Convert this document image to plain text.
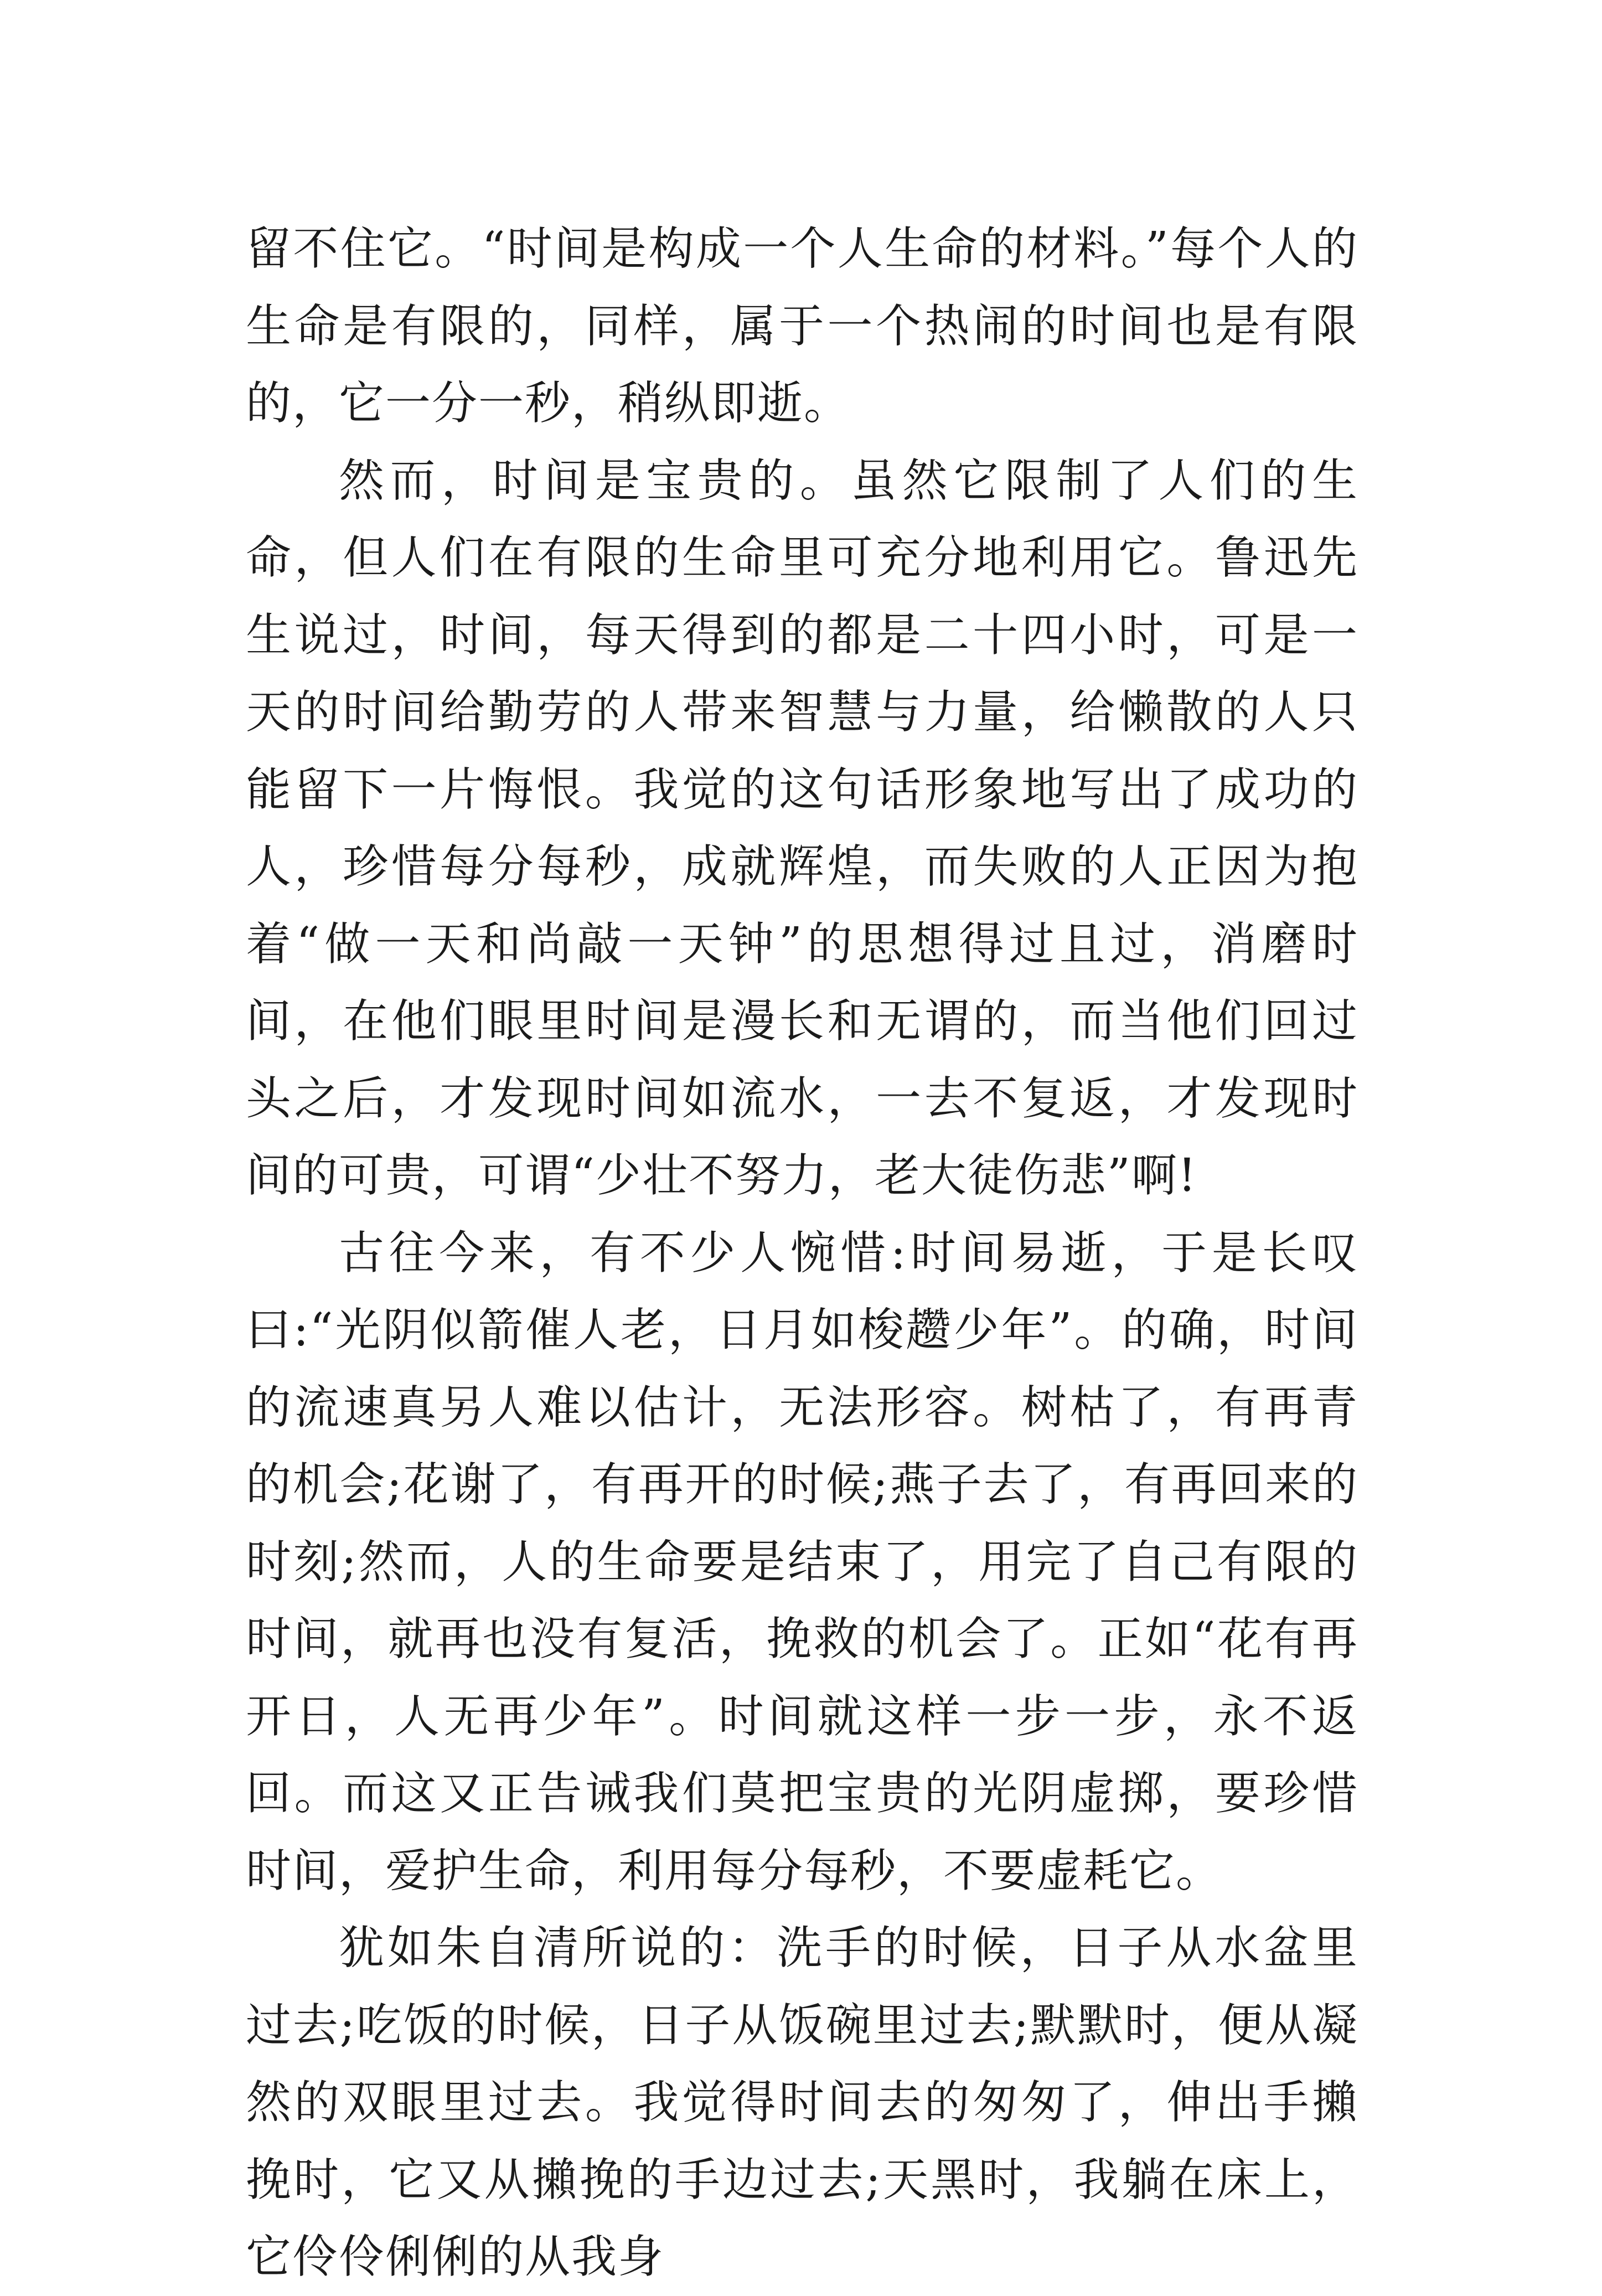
留不住它。“时间是构成一个人生命的材料。”每个人的生命是有限的，同样，属于一个热闹的时间也是有限的，它一分一秒，稍纵即逝。

然而，时间是宝贵的。虽然它限制了人们的生命，但人们在有限的生命里可充分地利用它。鲁迅先生说过，时间，每天得到的都是二十四小时，可是一天的时间给勤劳的人带来智慧与力量，给懒散的人只能留下一片悔恨。我觉的这句话形象地写出了成功的人，珍惜每分每秒，成就辉煌，而失败的人正因为抱着“做一天和尚敲一天钟”的思想得过且过，消磨时间，在他们眼里时间是漫长和无谓的，而当他们回过头之后，才发现时间如流水，一去不复返，才发现时间的可贵，可谓“少壮不努力，老大徒伤悲”啊!

古往今来，有不少人惋惜:时间易逝，于是长叹曰:“光阴似箭催人老，日月如梭趱少年”。的确，时间的流速真另人难以估计，无法形容。树枯了，有再青的机会;花谢了，有再开的时候;燕子去了，有再回来的时刻;然而，人的生命要是结束了，用完了自己有限的时间，就再也没有复活，挽救的机会了。正如“花有再开日，人无再少年”。时间就这样一步一步，永不返回。而这又正告诫我们莫把宝贵的光阴虚掷，要珍惜时间，爱护生命，利用每分每秒，不要虚耗它。

犹如朱自清所说的：洗手的时候，日子从水盆里过去;吃饭的时候，日子从饭碗里过去;默默时，便从凝然的双眼里过去。我觉得时间去的匆匆了，伸出手攋挽时，它又从攋挽的手边过去;天黑时，我躺在床上，它伶伶俐俐的从我身
